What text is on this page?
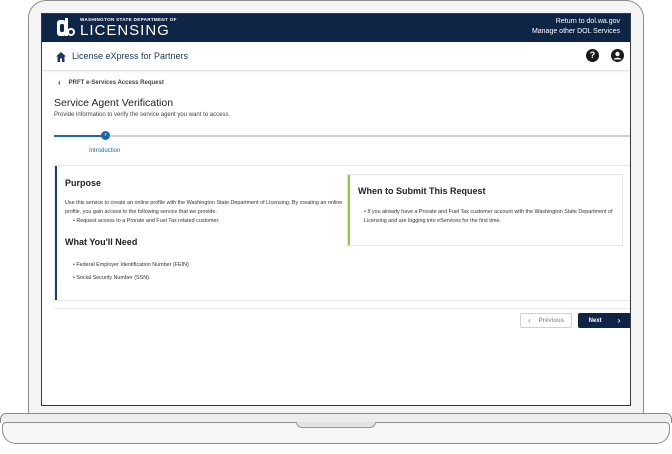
WASHINGTON STATE DEPARTMENT OF
LICENSING
Return to dol.wa.gov
Manage other DOL Services
License eXpress for Partners	?
‹ PRFT e-Services Access Request
Service Agent Verification
Provide information to verify the service agent you want to access.
›
Introduction
Purpose
Use this service to create an online profile with the Washington State Department of Licensing. By creating an online profile, you gain access to the following service that we provide.
• Request access to a Prorate and Fuel Tax related customer.
What You'll Need
• Federal Employer Identification Number (FEIN)
• Social Security Number (SSN).
When to Submit This Request
• If you already have a Prorate and Fuel Tax customer account with the Washington State Department of Licensing and are logging into eServices for the first time.
‹ Previous	Next ›
